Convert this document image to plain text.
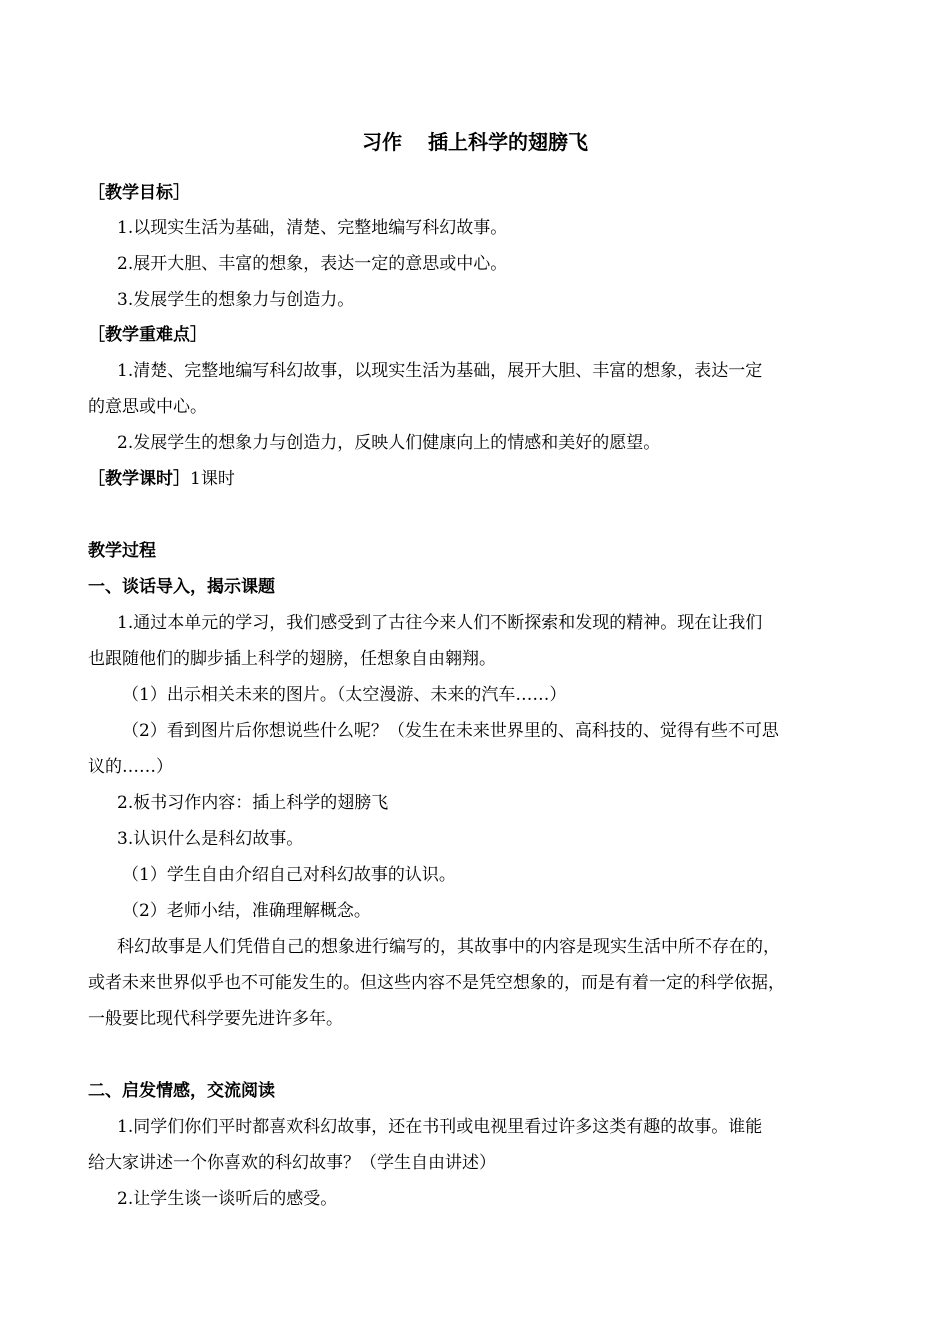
习作 插上科学的翅膀飞
［教学目标］
1.以现实生活为基础，清楚、完整地编写科幻故事。
2.展开大胆、丰富的想象，表达一定的意思或中心。
3.发展学生的想象力与创造力。
［教学重难点］
1.清楚、完整地编写科幻故事，以现实生活为基础，展开大胆、丰富的想象，表达一定
的意思或中心。
2.发展学生的想象力与创造力，反映人们健康向上的情感和美好的愿望。
［教学课时］1课时
教学过程
一、谈话导入，揭示课题
1.通过本单元的学习，我们感受到了古往今来人们不断探索和发现的精神。现在让我们
也跟随他们的脚步插上科学的翅膀，任想象自由翱翔。
（1）出示相关未来的图片。（太空漫游、未来的汽车……）
（2）看到图片后你想说些什么呢？（发生在未来世界里的、高科技的、觉得有些不可思
议的……）
2.板书习作内容：插上科学的翅膀飞
3.认识什么是科幻故事。
（1）学生自由介绍自己对科幻故事的认识。
（2）老师小结，准确理解概念。
科幻故事是人们凭借自己的想象进行编写的，其故事中的内容是现实生活中所不存在的，
或者未来世界似乎也不可能发生的。但这些内容不是凭空想象的，而是有着一定的科学依据，
一般要比现代科学要先进许多年。
二、启发情感，交流阅读
1.同学们你们平时都喜欢科幻故事，还在书刊或电视里看过许多这类有趣的故事。谁能
给大家讲述一个你喜欢的科幻故事？（学生自由讲述）
2.让学生谈一谈听后的感受。
